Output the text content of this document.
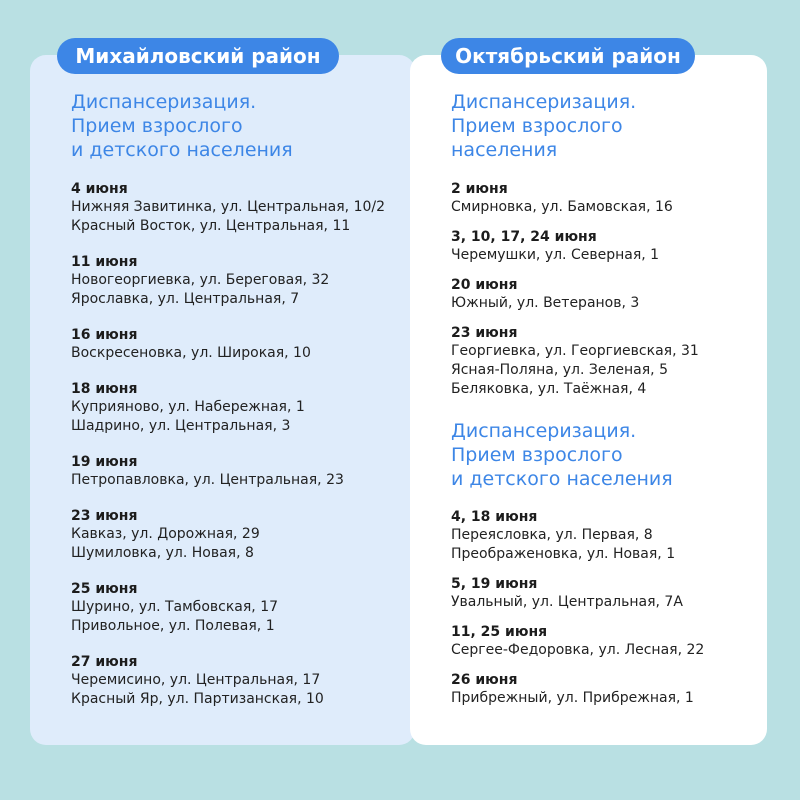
Михайловский район	Октябрьский район
Диспансеризация.
Прием взрослого
и детского населения
4 июня
Нижняя Завитинка, ул. Центральная, 10/2
Красный Восток, ул. Центральная, 11
11 июня
Новогеоргиевка, ул. Береговая, 32
Ярославка, ул. Центральная, 7
16 июня
Воскресеновка, ул. Широкая, 10
18 июня
Куприяново, ул. Набережная, 1
Шадрино, ул. Центральная, 3
19 июня
Петропавловка, ул. Центральная, 23
23 июня
Кавказ, ул. Дорожная, 29
Шумиловка, ул. Новая, 8
25 июня
Шурино, ул. Тамбовская, 17
Привольное, ул. Полевая, 1
27 июня
Черемисино, ул. Центральная, 17
Красный Яр, ул. Партизанская, 10
Диспансеризация.
Прием взрослого
населения
2 июня
Смирновка, ул. Бамовская, 16
3, 10, 17, 24 июня
Черемушки, ул. Северная, 1
20 июня
Южный, ул. Ветеранов, 3
23 июня
Георгиевка, ул. Георгиевская, 31
Ясная-Поляна, ул. Зеленая, 5
Беляковка, ул. Таёжная, 4
Диспансеризация.
Прием взрослого
и детского населения
4, 18 июня
Переясловка, ул. Первая, 8
Преображеновка, ул. Новая, 1
5, 19 июня
Увальный, ул. Центральная, 7А
11, 25 июня
Сергее-Федоровка, ул. Лесная, 22
26 июня
Прибрежный, ул. Прибрежная, 1
